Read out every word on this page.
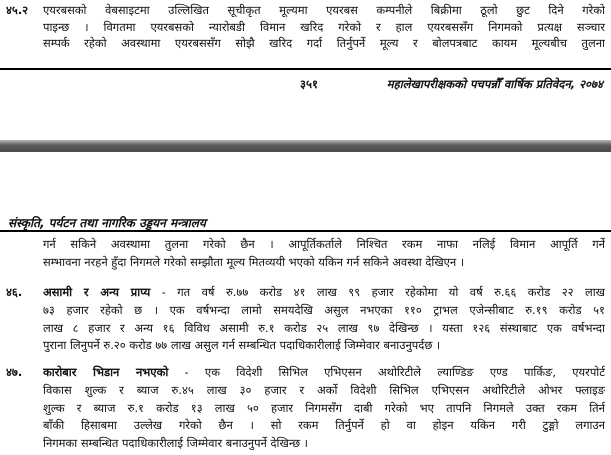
४५.२ एयरबसको वेबसाइटमा उल्लिखित सूचीकृत मूल्यमा एयरबस कम्पनीले बिक्रीमा ठूलो छुट दिने गरेको
पाइन्छ । विगतमा एयरबसको न्यारोबडी विमान खरिद गरेको र हाल एयरबससँग निगमको प्रत्यक्ष सञ्चार
सम्पर्क रहेको अवस्थामा एयरबससँग सोझै खरिद गर्दा तिर्नुपर्ने मूल्य र बोलपत्रबाट कायम मूल्यबीच तुलना
३५१	महालेखापरीक्षकको पचपन्नौँ वार्षिक प्रतिवेदन, २०७४
संस्कृति, पर्यटन तथा नागरिक उड्डयन मन्त्रालय
गर्न सकिने अवस्थामा तुलना गरेको छैन । आपूर्तिकर्ताले निश्चित रकम नाफा नलिई विमान आपूर्ति गर्ने
सम्भावना नरहने हुँदा निगमले गरेको सम्झौता मूल्य मितव्ययी भएको यकिन गर्न सकिने अवस्था देखिएन ।
४६. असामी र अन्य प्राप्य - गत वर्ष रु.७७ करोड ४१ लाख ९९ हजार रहेकोमा यो वर्ष रु.६६ करोड २२ लाख
७३ हजार रहेको छ । एक वर्षभन्दा लामो समयदेखि असुल नभएका ११० ट्राभल एजेन्सीबाट रु.१९ करोड ५१
लाख ८ हजार र अन्य १६ विविध असामी रु.१ करोड २५ लाख ९७ देखिन्छ । यस्ता १२६ संस्थाबाट एक वर्षभन्दा
पुराना लिनुपर्ने रु.२० करोड ७७ लाख असुल गर्न सम्बन्धित पदाधिकारीलाई जिम्मेवार बनाउनुपर्दछ ।
४७. कारोबार भिडान नभएको - एक विदेशी सिभिल एभिएसन अथोरिटीले ल्याण्डिङ एण्ड पार्किङ, एयरपोर्ट
विकास शुल्क र ब्याज रु.४५ लाख ३० हजार र अर्को विदेशी सिभिल एभिएसन अथोरिटीले ओभर फ्लाइङ
शुल्क र ब्याज रु.१ करोड १३ लाख ५० हजार निगमसँग दाबी गरेको भए तापनि निगमले उक्त रकम तिर्न
बाँकी हिसाबमा उल्लेख गरेको छैन । सो रकम तिर्नुपर्ने हो वा होइन यकिन गरी टुङ्गो लगाउन
निगमका सम्बन्धित पदाधिकारीलाई जिम्मेवार बनाउनुपर्ने देखिन्छ ।
